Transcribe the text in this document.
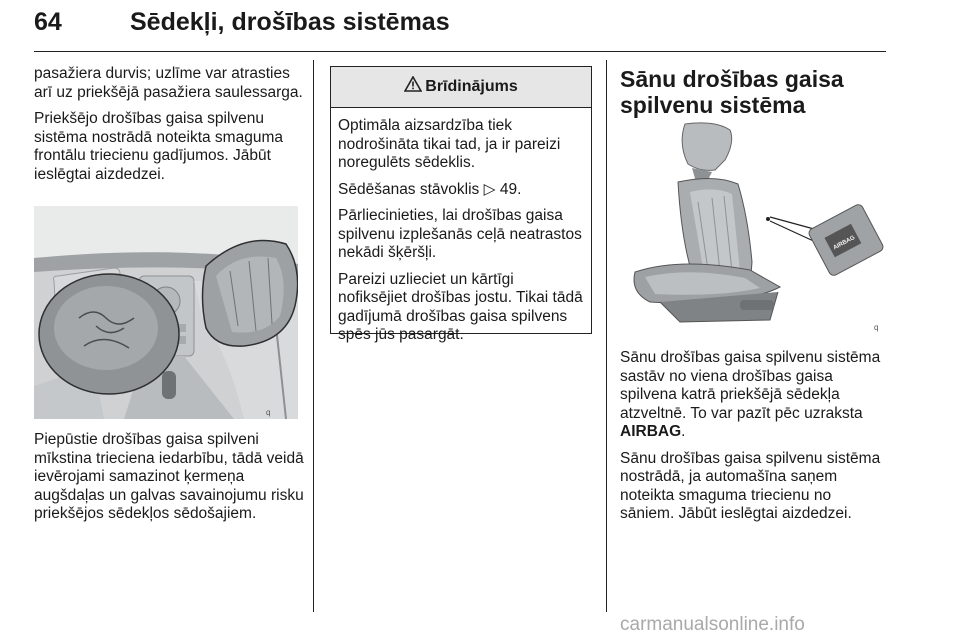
64	Sēdekļi, drošības sistēmas

pasažiera durvis; uzlīme var atrasties arī uz priekšējā pasažiera saulessarga.

Priekšējo drošības gaisa spilvenu sistēma nostrādā noteikta smaguma frontālu triecienu gadījumos. Jābūt ieslēgtai aizdedzei.

q

Piepūstie drošības gaisa spilveni mīkstina trieciena iedarbību, tādā veidā ievērojami samazinot ķermeņa augšdaļas un galvas savainojumu risku priekšējos sēdekļos sēdošajiem.

Brīdinājums

Optimāla aizsardzība tiek nodrošināta tikai tad, ja ir pareizi noregulēts sēdeklis.

Sēdēšanas stāvoklis ▷ 49.

Pārliecinieties, lai drošības gaisa spilvenu izplešanās ceļā neatrastos nekādi šķēršļi.

Pareizi uzlieciet un kārtīgi nofiksējiet drošības jostu. Tikai tādā gadījumā drošības gaisa spilvens spēs jūs pasargāt.

Sānu drošības gaisa spilvenu sistēma
AIRBAG
q

Sānu drošības gaisa spilvenu sistēma sastāv no viena drošības gaisa spilvena katrā priekšējā sēdekļa atzveltnē. To var pazīt pēc uzraksta AIRBAG.

Sānu drošības gaisa spilvenu sistēma nostrādā, ja automašīna saņem noteikta smaguma triecienu no sāniem. Jābūt ieslēgtai aizdedzei.

carmanualsonline.info
